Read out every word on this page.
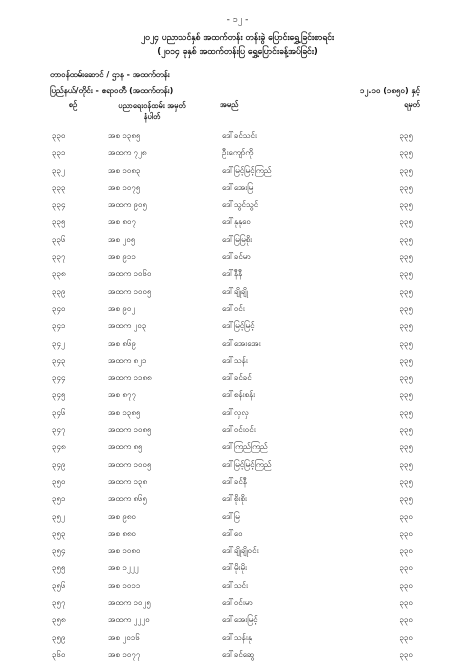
- ၁၂ -
၂၀၂၄ ပညာသင်နှစ် အထက်တန်း တန်းခွဲ ပြောင်းရွှေ့ခြင်းစာရင်း
(၂၀၁၄ ခုနှစ် အထက်တန်းပြ ရွှေ့ပြောင်းခန့်အပ်ခြင်း)
တာဝန်ထမ်းဆောင် / ဌာန - အထက်တန်း
ပြည်နယ်/တိုင်း - ဧရာဝတီ (အထက်တန်း)	၁၂.၁၀ (၁၈၅၀) နှင့်
စဉ်	ပညာရေးဝန်ထမ်း အမှတ်
နံပါတ်
အမည်	ရမှတ်
၃၃၀	အစ ၁၃၈၅	ဒေါ်ခင်သင်း	၃၃၅
၃၃၁	အထက ၇၂၈	ဦးကျော်ကို	၃၃၅
၃၃၂	အစ ၁၀၈၃	ဒေါ်မြင့်မြင့်ကြည်	၃၃၅
၃၃၃	အစ ၁၀၇၅	ဒေါ်အေးမြ	၃၃၅
၃၃၄	အထက ၉၀၅	ဒေါ်သွင်သွင်	၃၃၅
၃၃၅	အစ ၈၀၇	ဒေါ်နုနုဝေ	၃၃၅
၃၃၆	အစ ၂၀၅	ဒေါ်မြမြစိုး	၃၃၅
၃၃၇	အစ ၉၁၁	ဒေါ်ခင်မာ	၃၃၅
၃၃၈	အထက ၁၀၆၀	ဒေါ်နီနီ	၃၃၅
၃၃၉	အထက ၁၀၀၅	ဒေါ်ချိုချို	၃၃၅
၃၄၀	အစ ၉၀၂	ဒေါ်ဝင်း	၃၃၅
၃၄၁	အထက ၂၀၃	ဒေါ်မြင့်မြင့်	၃၃၅
၃၄၂	အစ ၈၆၉	ဒေါ်အေးအေး	၃၃၅
၃၄၃	အထက ၈၂၁	ဒေါ်သန်း	၃၃၅
၃၄၄	အထက ၁၁၈၈	ဒေါ်ခင်ခင်	၃၃၅
၃၄၅	အစ ၈၇၇	ဒေါ်စန်းစန်း	၃၃၅
၃၄၆	အစ ၁၃၈၅	ဒေါ်လှလှ	၃၃၅
၃၄၇	အထက ၁၀၈၅	ဒေါ်ဝင်းဝင်း	၃၃၅
၃၄၈	အထက ၈၅	ဒေါ်ကြည်ကြည်	၃၃၅
၃၄၉	အထက ၁၀၀၅	ဒေါ်မြင့်မြင့်ကြည်	၃၃၅
၃၅၀	အထက ၁၃၈	ဒေါ်ခင်နီ	၃၃၅
၃၅၁	အထက ၈၆၅	ဒေါ်စိုးစိုး	၃၃၅
၃၅၂	အစ ၉၈၀	ဒေါ်မြ	၃၃၀
၃၅၃	အစ ၈၈၀	ဒေါ်ဝေ	၃၃၀
၃၅၄	အစ ၁၀၈၀	ဒေါ်ချိုချိုဝင်း	၃၃၀
၃၅၅	အစ ၁၂၂၂	ဒေါ်မိုးမိုး	၃၃၀
၃၅၆	အစ ၁၀၁၁	ဒေါ်သင်း	၃၃၀
၃၅၇	အထက ၁၀၂၅	ဒေါ်ဝင်းမာ	၃၃၀
၃၅၈	အထက ၂၂၂၀	ဒေါ်အေးမြင့်	၃၃၀
၃၅၉	အစ ၂၀၁၆	ဒေါ်သန်းနု	၃၃၀
၃၆၀	အစ ၁၀၇၇	ဒေါ်ခင်ဆွေ	၃၃၀
